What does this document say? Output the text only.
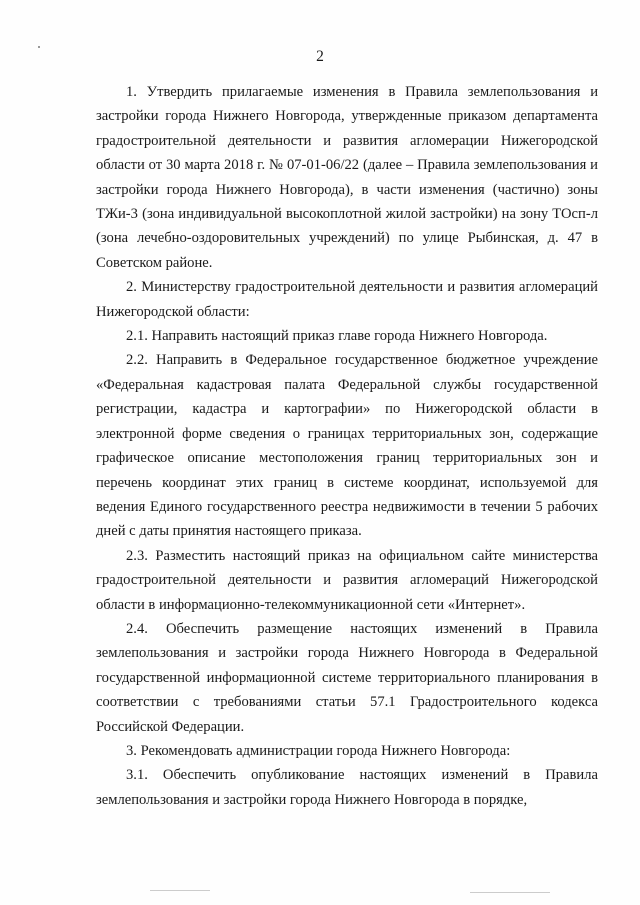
2

1. Утвердить прилагаемые изменения в Правила землепользования и застройки города Нижнего Новгорода, утвержденные приказом департамента градостроительной деятельности и развития агломерации Нижегородской области от 30 марта 2018 г. № 07-01-06/22 (далее – Правила землепользования и застройки города Нижнего Новгорода), в части изменения (частично) зоны ТЖи-3 (зона индивидуальной высокоплотной жилой застройки) на зону ТОсп-л (зона лечебно-оздоровительных учреждений) по улице Рыбинская, д. 47 в Советском районе.

2. Министерству градостроительной деятельности и развития агломераций Нижегородской области:

2.1. Направить настоящий приказ главе города Нижнего Новгорода.

2.2. Направить в Федеральное государственное бюджетное учреждение «Федеральная кадастровая палата Федеральной службы государственной регистрации, кадастра и картографии» по Нижегородской области в электронной форме сведения о границах территориальных зон, содержащие графическое описание местоположения границ территориальных зон и перечень координат этих границ в системе координат, используемой для ведения Единого государственного реестра недвижимости в течении 5 рабочих дней с даты принятия настоящего приказа.

2.3. Разместить настоящий приказ на официальном сайте министерства градостроительной деятельности и развития агломераций Нижегородской области в информационно-телекоммуникационной сети «Интернет».

2.4. Обеспечить размещение настоящих изменений в Правила землепользования и застройки города Нижнего Новгорода в Федеральной государственной информационной системе территориального планирования в соответствии с требованиями статьи 57.1 Градостроительного кодекса Российской Федерации.

3. Рекомендовать администрации города Нижнего Новгорода:

3.1. Обеспечить опубликование настоящих изменений в Правила землепользования и застройки города Нижнего Новгорода в порядке,
